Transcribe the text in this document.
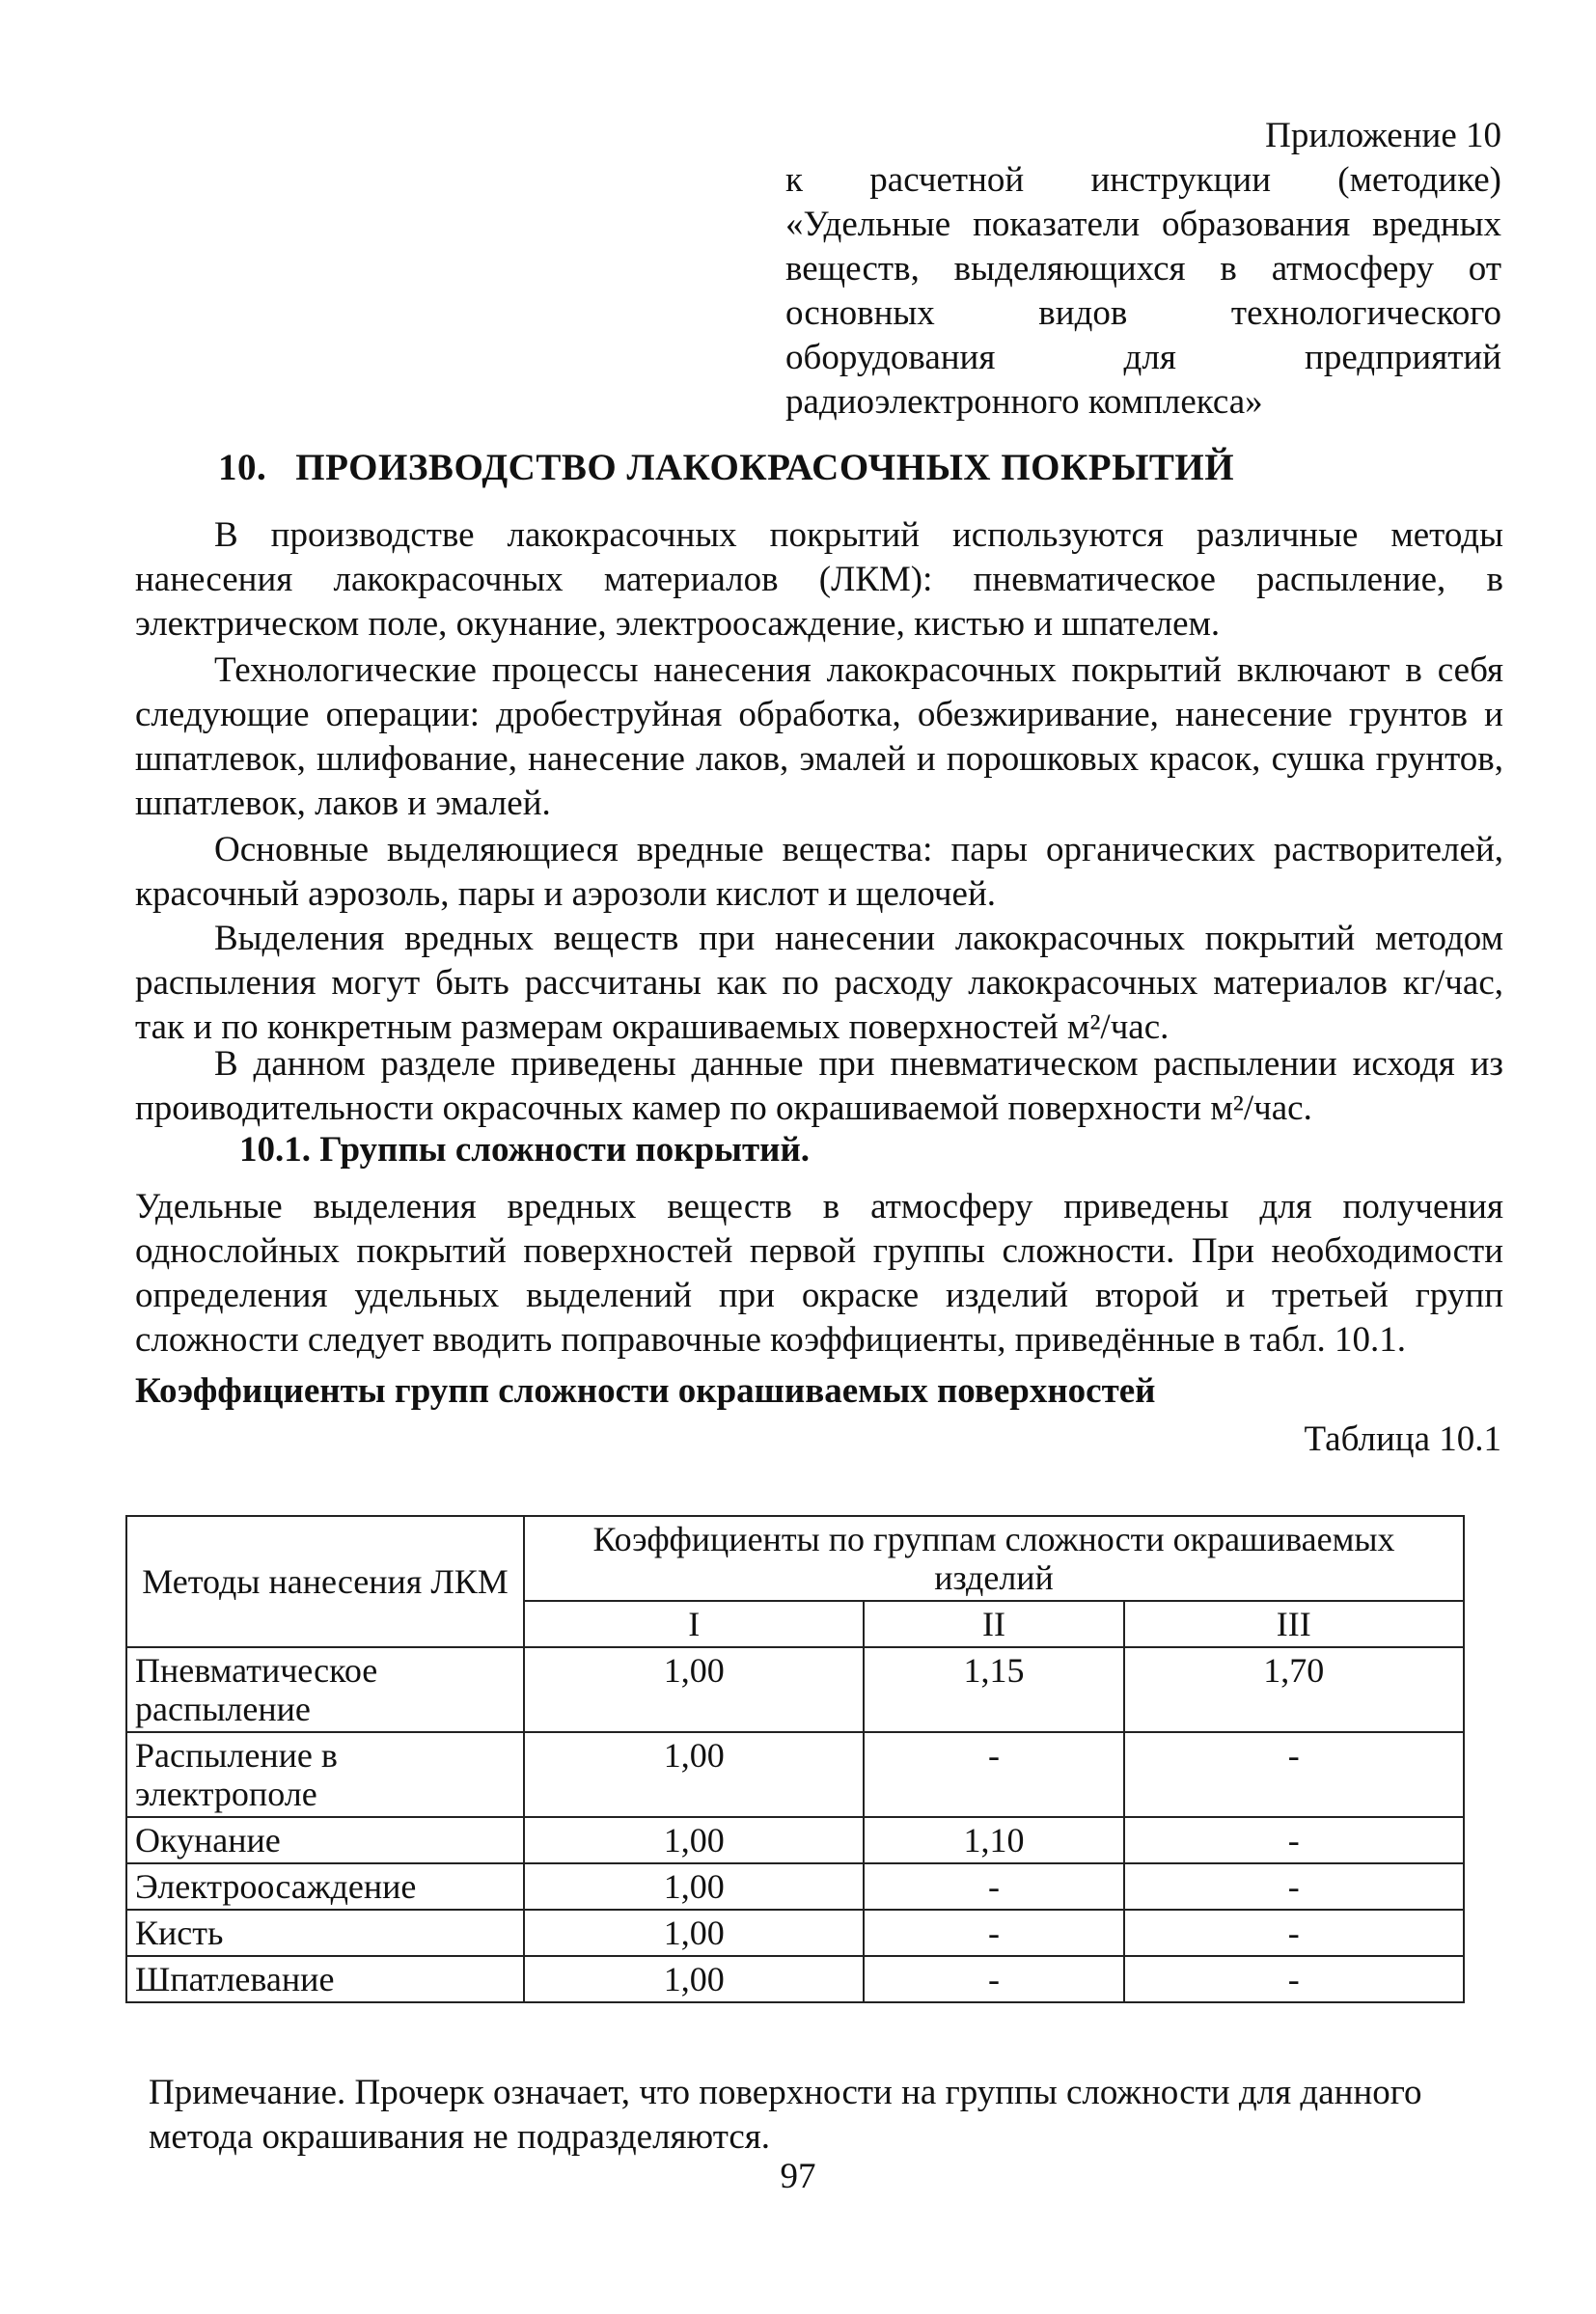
Приложение 10
к расчетной инструкции (методике) «Удельные показатели образования вредных веществ, выделяющихся в атмосферу от основных видов технологического оборудования для предприятий радиоэлектронного комплекса»
10. ПРОИЗВОДСТВО ЛАКОКРАСОЧНЫХ ПОКРЫТИЙ
В производстве лакокрасочных покрытий используются различные методы нанесения лакокрасочных материалов (ЛКМ): пневматическое распыление, в электрическом поле, окунание, электроосаждение, кистью и шпателем.
Технологические процессы нанесения лакокрасочных покрытий включают в себя следующие операции: дробеструйная обработка, обезжиривание, нанесение грунтов и шпатлевок, шлифование, нанесение лаков, эмалей и порошковых красок, сушка грунтов, шпатлевок, лаков и эмалей.
Основные выделяющиеся вредные вещества: пары органических растворителей, красочный аэрозоль, пары и аэрозоли кислот и щелочей.
Выделения вредных веществ при нанесении лакокрасочных покрытий методом распыления могут быть рассчитаны как по расходу лакокрасочных материалов кг/час, так и по конкретным размерам окрашиваемых поверхностей м²/час.
В данном разделе приведены данные при пневматическом распылении исходя из проиводительности окрасочных камер по окрашиваемой поверхности м²/час.
10.1. Группы сложности покрытий.
Удельные выделения вредных веществ в атмосферу приведены для получения однослойных покрытий поверхностей первой группы сложности. При необходимости определения удельных выделений при окраске изделий второй и третьей групп сложности следует вводить поправочные коэффициенты, приведённые в табл. 10.1.
Коэффициенты групп сложности окрашиваемых поверхностей
Таблица 10.1
Методы нанесения ЛКМ	Коэффициенты по группам сложности окрашиваемых изделий		
	I	II	III
Пневматическое распыление	1,00	1,15	1,70
Распыление в электрополе	1,00	-	-
Окунание	1,00	1,10	-
Электроосаждение	1,00	-	-
Кисть	1,00	-	-
Шпатлевание	1,00	-	-
Примечание. Прочерк означает, что поверхности на группы сложности для данного метода окрашивания не подразделяются.
97
